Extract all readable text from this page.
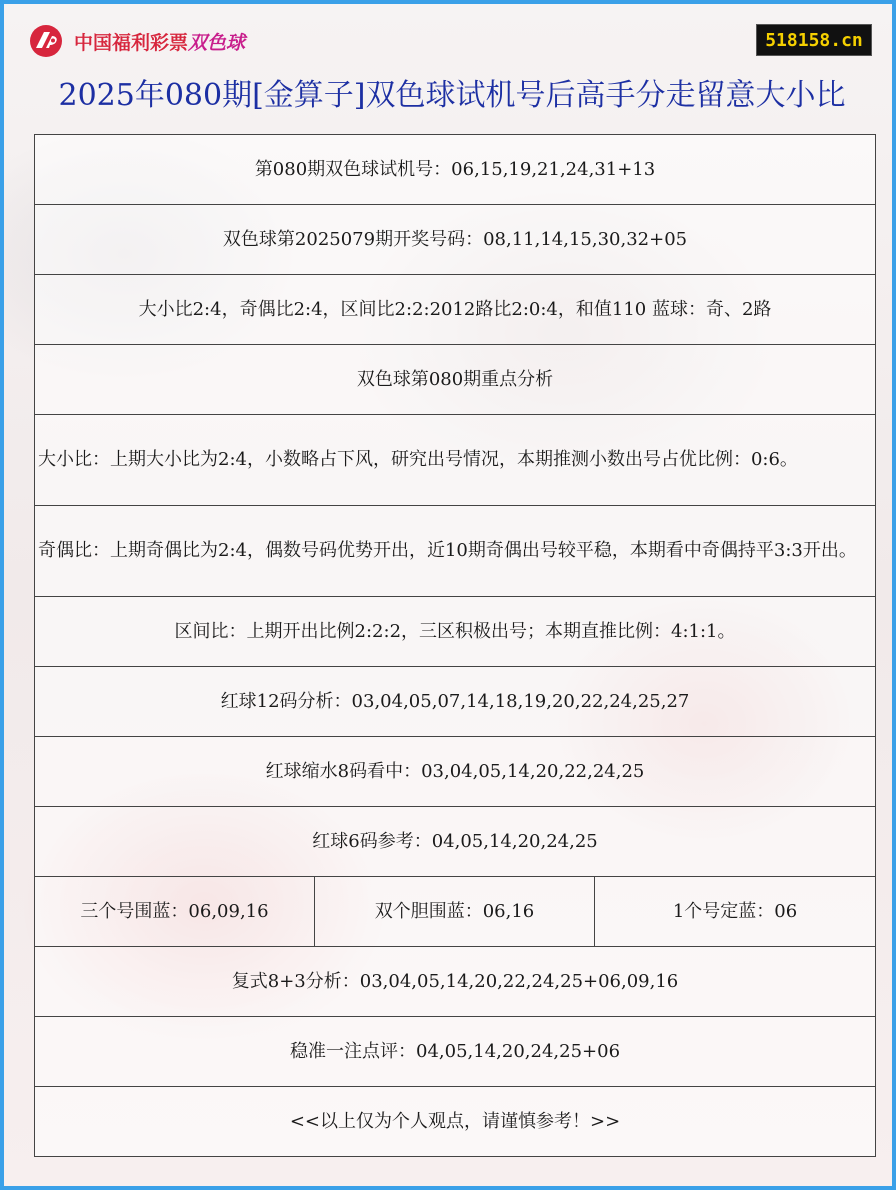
中国福利彩票双色球	518158.cn
2025年080期[金算子]双色球试机号后高手分走留意大小比
第080期双色球试机号：06,15,19,21,24,31+13
双色球第2025079期开奖号码：08,11,14,15,30,32+05
大小比2:4，奇偶比2:4，区间比2:2:2012路比2:0:4，和值110 蓝球：奇、2路
双色球第080期重点分析
大小比：上期大小比为2:4，小数略占下风，研究出号情况，本期推测小数出号占优比例：0:6。
奇偶比：上期奇偶比为2:4，偶数号码优势开出，近10期奇偶出号较平稳，本期看中奇偶持平3:3开出。
区间比：上期开出比例2:2:2，三区积极出号；本期直推比例：4:1:1。
红球12码分析：03,04,05,07,14,18,19,20,22,24,25,27
红球缩水8码看中：03,04,05,14,20,22,24,25
红球6码参考：04,05,14,20,24,25
三个号围蓝：06,09,16	双个胆围蓝：06,16	1个号定蓝：06
复式8+3分析：03,04,05,14,20,22,24,25+06,09,16
稳准一注点评：04,05,14,20,24,25+06
<<以上仅为个人观点，请谨慎参考！>>
